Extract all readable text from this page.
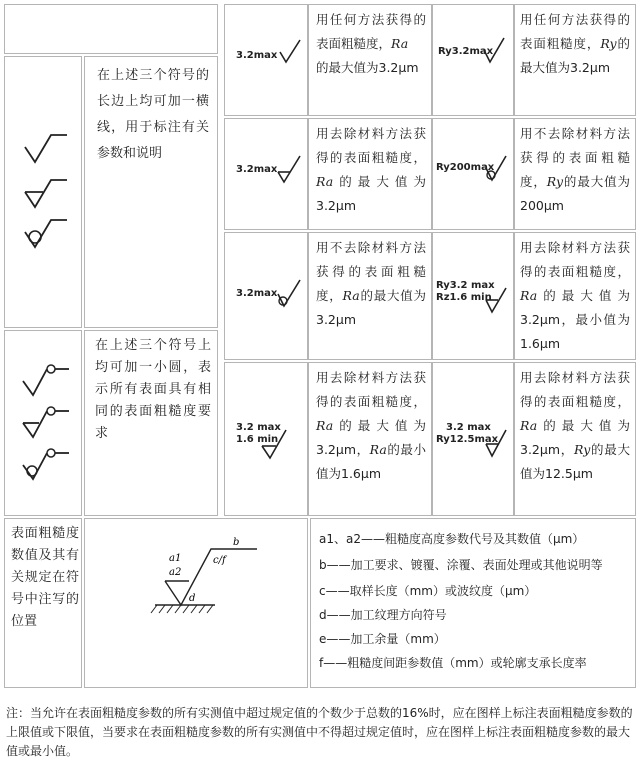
在上述三个符号的长边上均可加一横线，用于标注有关参数和说明
在上述三个符号上均可加一小圆，表示所有表面具有相同的表面粗糙度要求
表面粗糙度数值及其有关规定在符号中注写的位置
3.2max	Ry3.2max
3.2max	Ry200max
3.2max
Ry3.2 max
Rz1.6 min
3.2 max
1.6 min
3.2 max
Ry12.5max
用任何方法获得的表面粗糙度，Ra
的最大值为3.2μm
用任何方法获得的表面粗糙度，Ry的最大值为3.2μm
用去除材料方法获得的表面粗糙度，Ra的最大值为3.2μm
用不去除材料方法获得的表面粗糙度，Ry的最大值为200μm
用不去除材料方法获得的表面粗糙度，Ra的最大值为3.2μm
用去除材料方法获得的表面粗糙度，Ra的最大值为3.2μm，最小值为1.6μm
用去除材料方法获得的表面粗糙度，Ra的最大值为3.2μm，Ra的最小值为1.6μm
用去除材料方法获得的表面粗糙度，Ra的最大值为3.2μm，Ry的最大值为12.5μm
a1
a2
b
c/f
d
a1、a2——粗糙度高度参数代号及其数值（μm）
b——加工要求、镀覆、涂覆、表面处理或其他说明等
c——取样长度（mm）或波纹度（μm）
d——加工纹理方向符号
e——加工余量（mm）
f——粗糙度间距参数值（mm）或轮廓支承长度率
注：当允许在表面粗糙度参数的所有实测值中超过规定值的个数少于总数的16%时，应在图样上标注表面粗糙度参数的上限值或下限值，当要求在表面粗糙度参数的所有实测值中不得超过规定值时，应在图样上标注表面粗糙度参数的最大值或最小值。
